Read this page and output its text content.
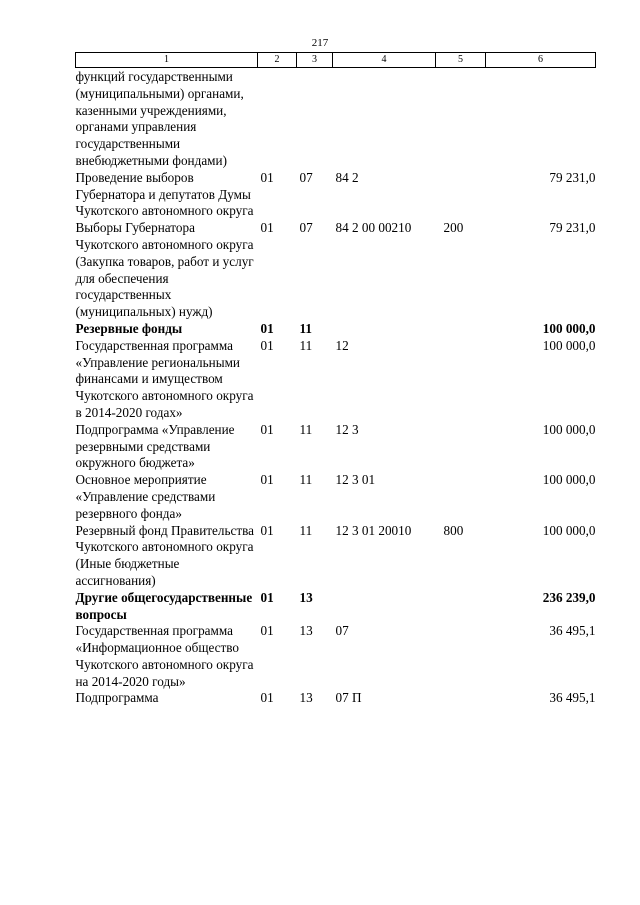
217
1	2	3	4	5	6
функций государственными (муниципальными) органами, казенными учреждениями, органами управления государственными внебюджетными фондами)					
Проведение выборов Губернатора и депутатов Думы Чукотского автономного округа	01	07	84 2		79 231,0
Выборы Губернатора Чукотского автономного округа (Закупка товаров, работ и услуг для обеспечения государственных (муниципальных) нужд)	01	07	84 2 00 00210	200	79 231,0
Резервные фонды	01	11			100 000,0
Государственная программа «Управление региональными финансами и имуществом Чукотского автономного округа в 2014-2020 годах»	01	11	12		100 000,0
Подпрограмма «Управление резервными средствами окружного бюджета»	01	11	12 3		100 000,0
Основное мероприятие «Управление средствами резервного фонда»	01	11	12 3 01		100 000,0
Резервный фонд Правительства Чукотского автономного округа (Иные бюджетные ассигнования)	01	11	12 3 01 20010	800	100 000,0
Другие общегосударственные вопросы	01	13			236 239,0
Государственная программа «Информационное общество Чукотского автономного округа на 2014-2020 годы»	01	13	07		36 495,1
Подпрограмма	01	13	07 П		36 495,1
